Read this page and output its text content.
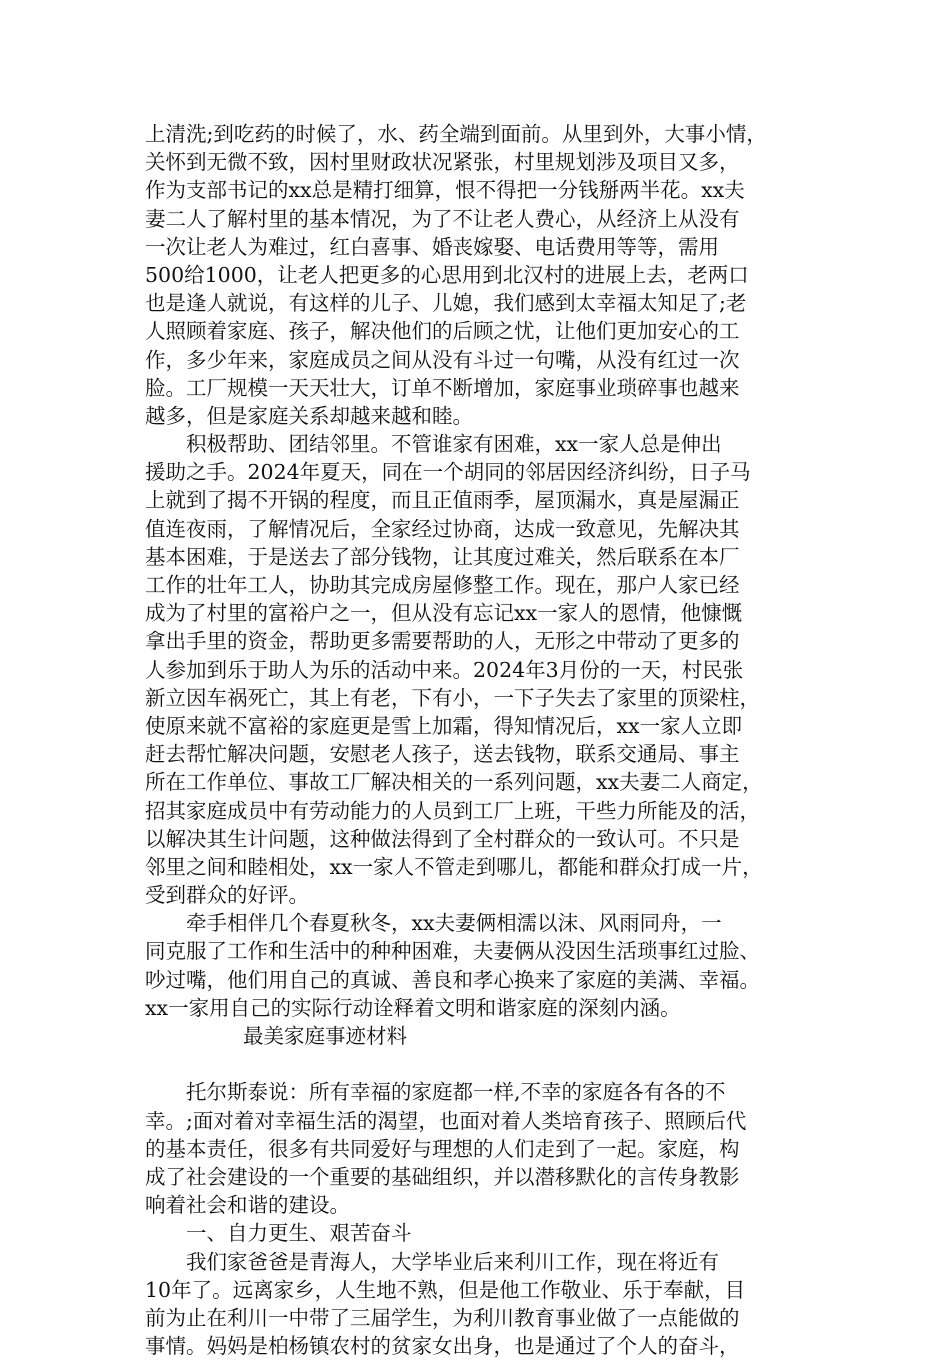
上清洗;到吃药的时候了，水、药全端到面前。从里到外，大事小情，
关怀到无微不致，因村里财政状况紧张，村里规划涉及项目又多，
作为支部书记的xx总是精打细算，恨不得把一分钱掰两半花。xx夫
妻二人了解村里的基本情况，为了不让老人费心，从经济上从没有
一次让老人为难过，红白喜事、婚丧嫁娶、电话费用等等，需用
500给1000，让老人把更多的心思用到北汉村的进展上去，老两口
也是逢人就说，有这样的儿子、儿媳，我们感到太幸福太知足了;老
人照顾着家庭、孩子，解决他们的后顾之忧，让他们更加安心的工
作，多少年来，家庭成员之间从没有斗过一句嘴，从没有红过一次
脸。工厂规模一天天壮大，订单不断增加，家庭事业琐碎事也越来
越多，但是家庭关系却越来越和睦。
积极帮助、团结邻里。不管谁家有困难，xx一家人总是伸出
援助之手。2024年夏天，同在一个胡同的邻居因经济纠纷，日子马
上就到了揭不开锅的程度，而且正值雨季，屋顶漏水，真是屋漏正
值连夜雨，了解情况后，全家经过协商，达成一致意见，先解决其
基本困难，于是送去了部分钱物，让其度过难关，然后联系在本厂
工作的壮年工人，协助其完成房屋修整工作。现在，那户人家已经
成为了村里的富裕户之一，但从没有忘记xx一家人的恩情，他慷慨
拿出手里的资金，帮助更多需要帮助的人，无形之中带动了更多的
人参加到乐于助人为乐的活动中来。2024年3月份的一天，村民张
新立因车祸死亡，其上有老，下有小，一下子失去了家里的顶梁柱，
使原来就不富裕的家庭更是雪上加霜，得知情况后，xx一家人立即
赶去帮忙解决问题，安慰老人孩子，送去钱物，联系交通局、事主
所在工作单位、事故工厂解决相关的一系列问题，xx夫妻二人商定，
招其家庭成员中有劳动能力的人员到工厂上班，干些力所能及的活，
以解决其生计问题，这种做法得到了全村群众的一致认可。不只是
邻里之间和睦相处，xx一家人不管走到哪儿，都能和群众打成一片，
受到群众的好评。
牵手相伴几个春夏秋冬，xx夫妻俩相濡以沫、风雨同舟，一
同克服了工作和生活中的种种困难，夫妻俩从没因生活琐事红过脸、
吵过嘴，他们用自己的真诚、善良和孝心换来了家庭的美满、幸福。
xx一家用自己的实际行动诠释着文明和谐家庭的深刻内涵。
最美家庭事迹材料
托尔斯泰说：所有幸福的家庭都一样,不幸的家庭各有各的不
幸。;面对着对幸福生活的渴望，也面对着人类培育孩子、照顾后代
的基本责任，很多有共同爱好与理想的人们走到了一起。家庭，构
成了社会建设的一个重要的基础组织，并以潜移默化的言传身教影
响着社会和谐的建设。
一、自力更生、艰苦奋斗
我们家爸爸是青海人，大学毕业后来利川工作，现在将近有
10年了。远离家乡，人生地不熟，但是他工作敬业、乐于奉献，目
前为止在利川一中带了三届学生，为利川教育事业做了一点能做的
事情。妈妈是柏杨镇农村的贫家女出身，也是通过了个人的奋斗，
